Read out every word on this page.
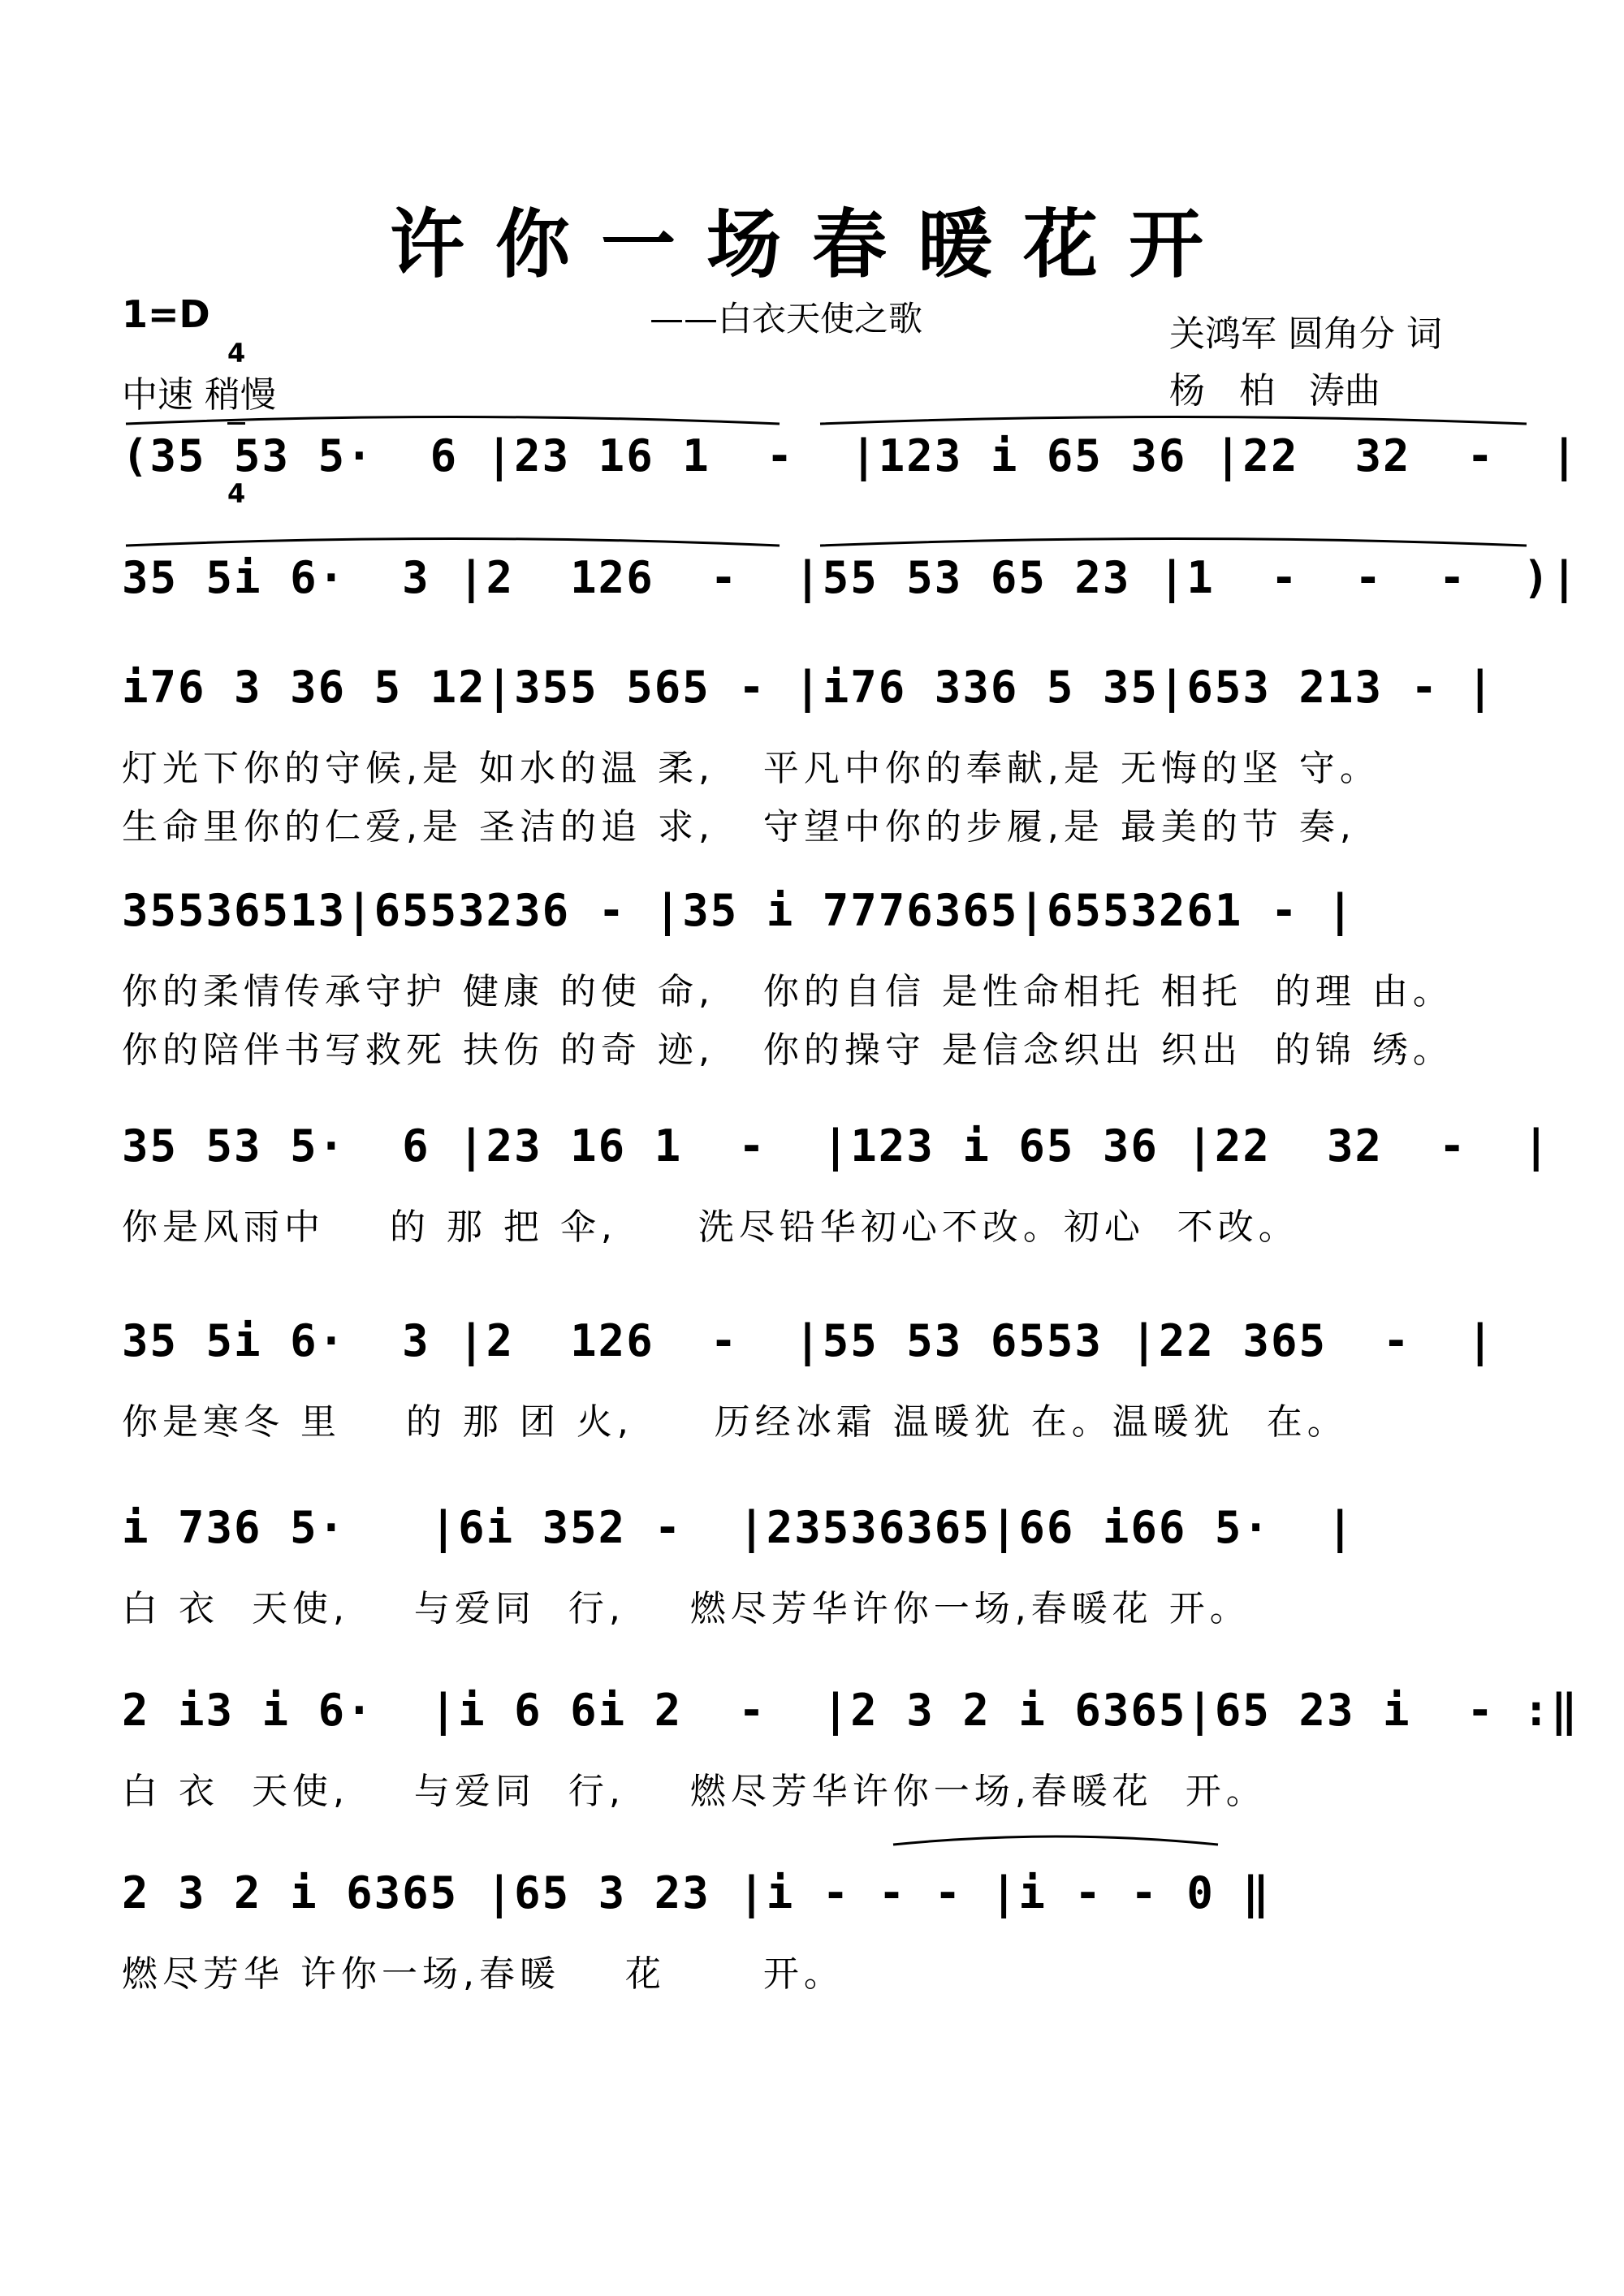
许你一场春暖花开
1=D

4

4

——白衣天使之歌
中速 稍慢
关鸿军 圆角分 词
杨   柏   涛曲
(35 53 5·  6 |23 16 1  -  |123 i 65 36 |22  32  -  |
35 5i 6·  3 |2  126  -  |55 53 65 23 |1  -  -  -  )|
i76 3 36 5 12|355 565 - |i76 336 5 35|653 213 - |
灯光下你的守候,是 如水的温 柔,   平凡中你的奉献,是 无悔的坚 守。
生命里你的仁爱,是 圣洁的追 求,   守望中你的步履,是 最美的节 奏,
35536513|6553236 - |35 i 7776365|6553261 - |
你的柔情传承守护 健康 的使 命,   你的自信 是性命相托 相托  的理 由。
你的陪伴书写救死 扶伤 的奇 迹,   你的操守 是信念织出 织出  的锦 绣。
35 53 5·  6 |23 16 1  -  |123 i 65 36 |22  32  -  |
你是风雨中    的 那 把 伞,     洗尽铅华初心不改。初心  不改。
35 5i 6·  3 |2  126  -  |55 53 6553 |22 365  -  |
你是寒冬 里    的 那 团 火,     历经冰霜 温暖犹 在。温暖犹  在。
i 736 5·   |6i 352 -  |23536365|66 i66 5·  |
白 衣  天使,    与爱同  行,    燃尽芳华许你一场,春暖花 开。
2 i3 i 6·  |i 6 6i 2  -  |2 3 2 i 6365|65 23 i  - :‖
白 衣  天使,    与爱同  行,    燃尽芳华许你一场,春暖花  开。
2 3 2 i 6365 |65 3 23 |i - - - |i - - 0 ‖
燃尽芳华 许你一场,春暖    花      开。
